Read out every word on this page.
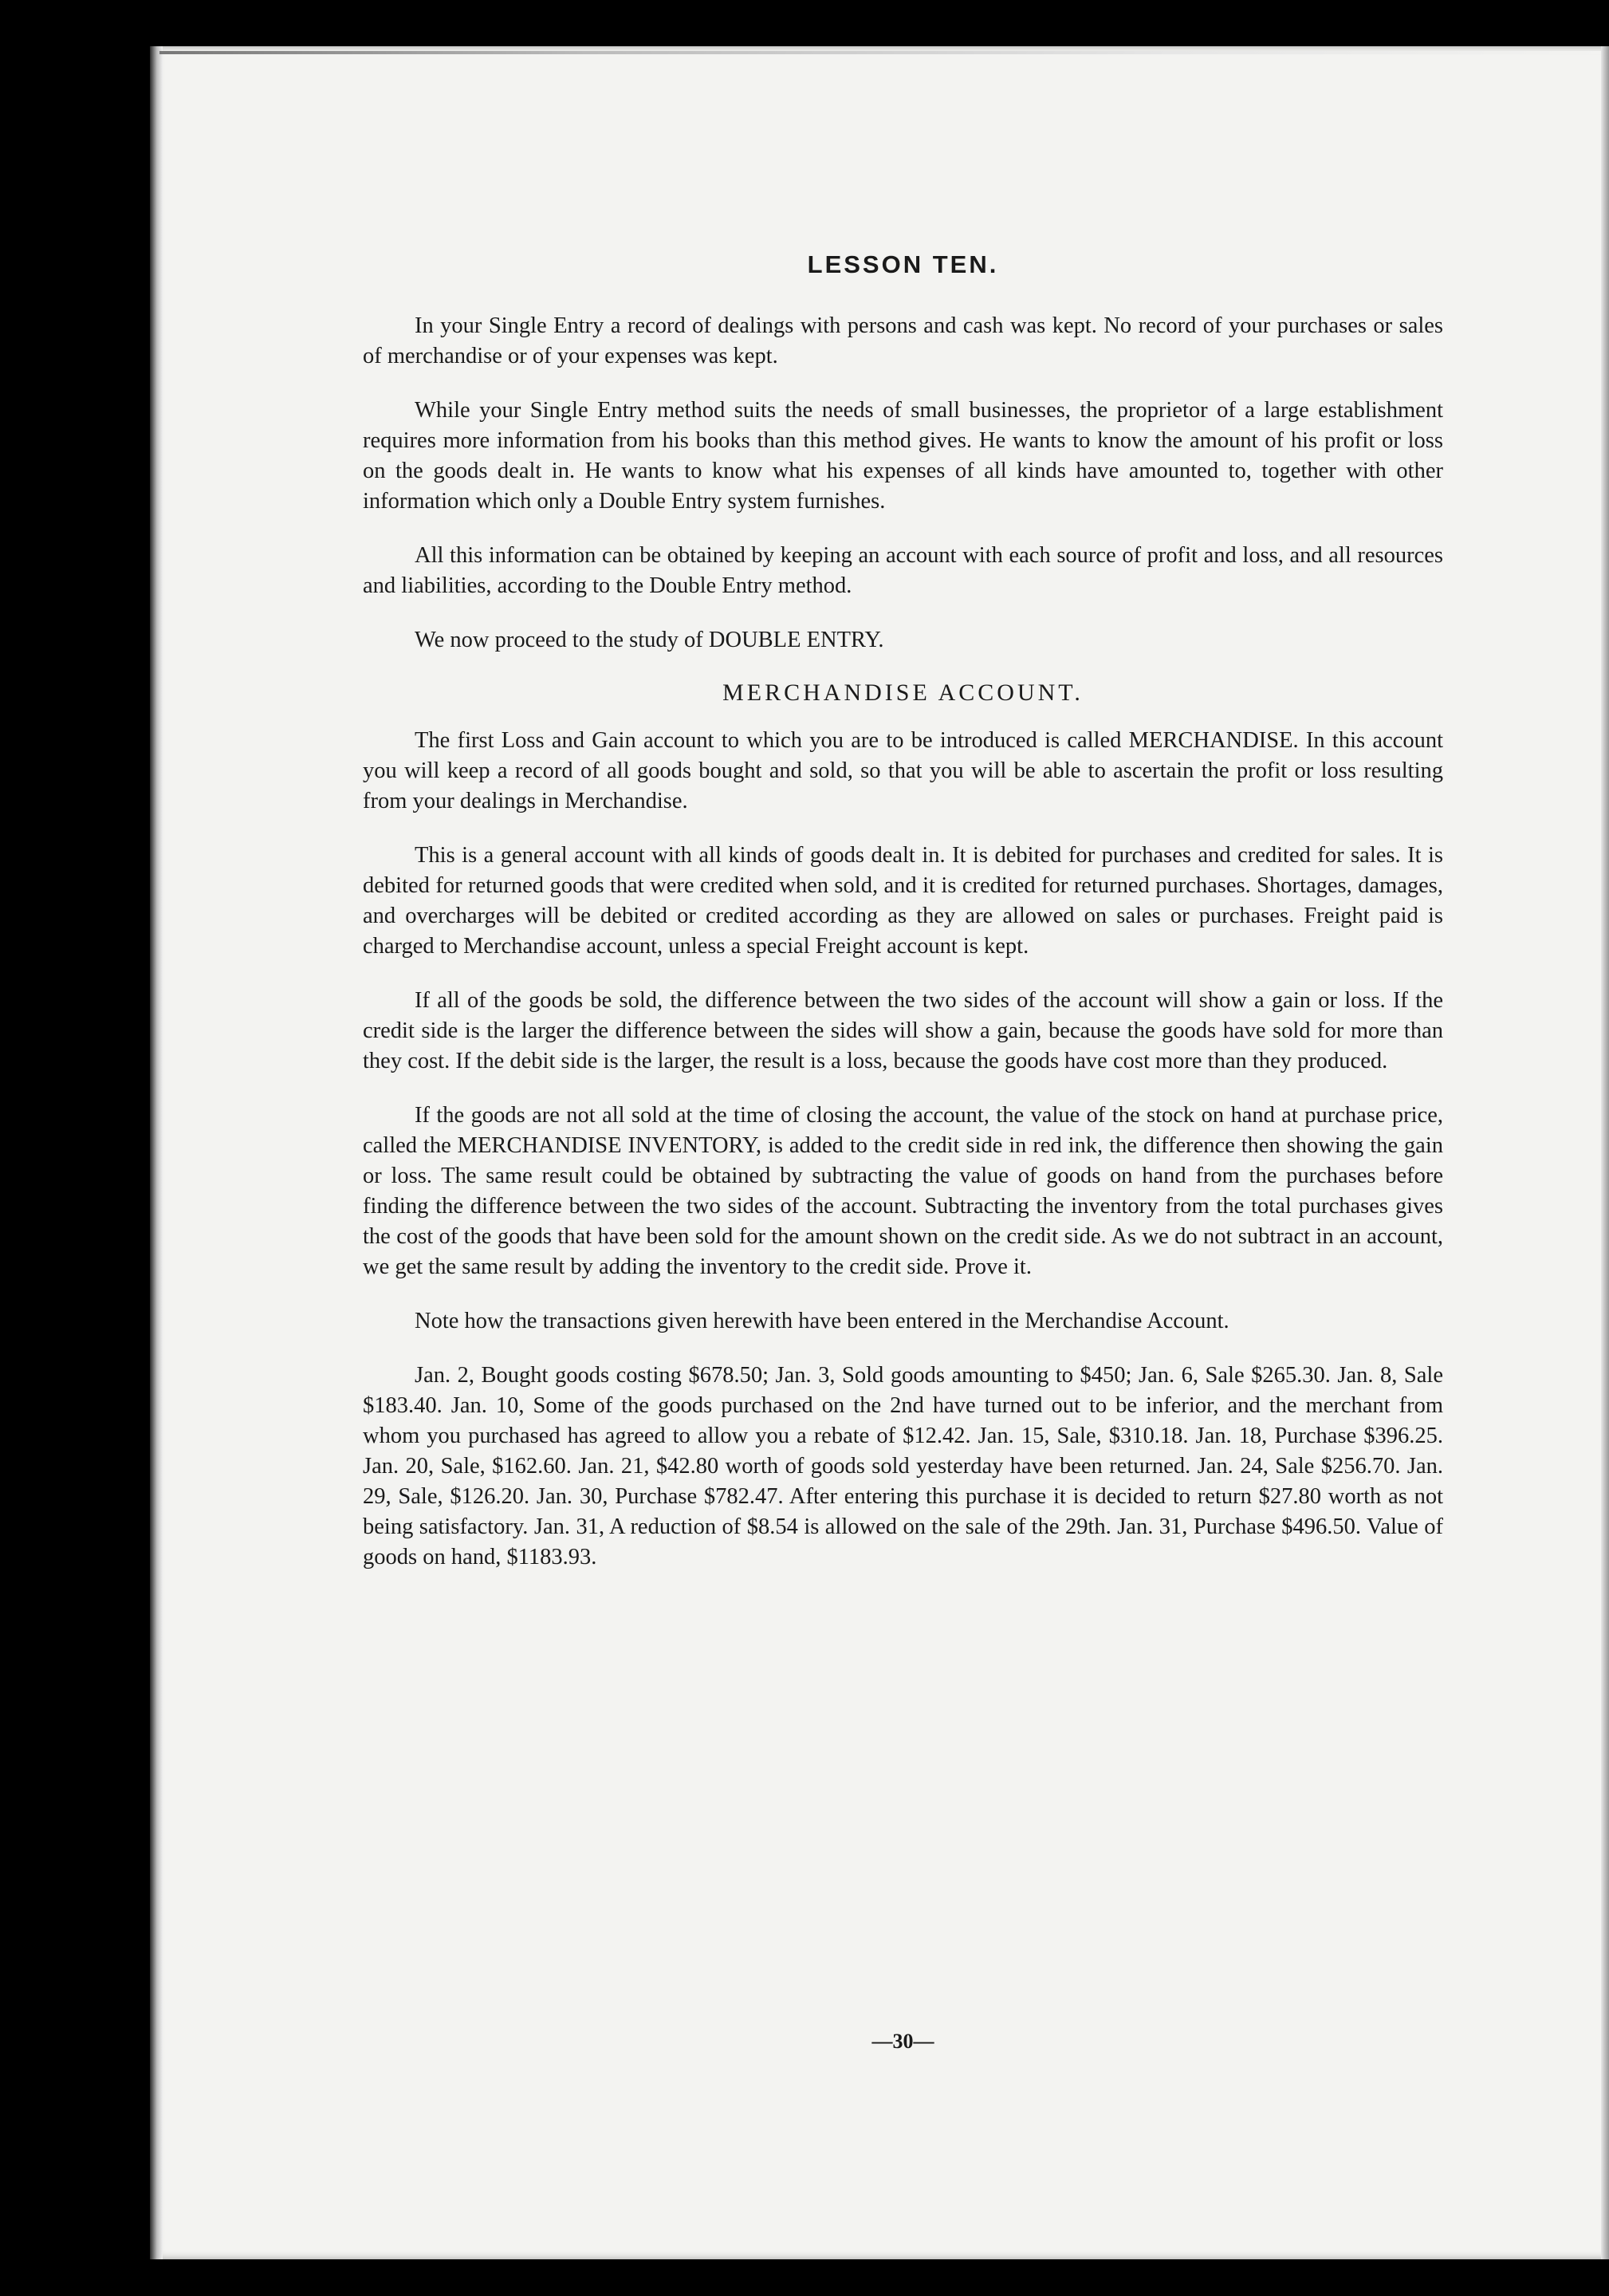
LESSON TEN.

In your Single Entry a record of dealings with persons and cash was kept. No record of your purchases or sales of merchandise or of your expenses was kept.

While your Single Entry method suits the needs of small businesses, the proprietor of a large establishment requires more information from his books than this method gives. He wants to know the amount of his profit or loss on the goods dealt in. He wants to know what his expenses of all kinds have amounted to, together with other information which only a Double Entry system furnishes.

All this information can be obtained by keeping an account with each source of profit and loss, and all resources and liabilities, according to the Double Entry method.

We now proceed to the study of DOUBLE ENTRY.

MERCHANDISE ACCOUNT.

The first Loss and Gain account to which you are to be introduced is called MERCHANDISE. In this account you will keep a record of all goods bought and sold, so that you will be able to ascertain the profit or loss resulting from your dealings in Merchandise.

This is a general account with all kinds of goods dealt in. It is debited for purchases and credited for sales. It is debited for returned goods that were credited when sold, and it is credited for returned purchases. Shortages, damages, and overcharges will be debited or credited according as they are allowed on sales or purchases. Freight paid is charged to Merchandise account, unless a special Freight account is kept.

If all of the goods be sold, the difference between the two sides of the account will show a gain or loss. If the credit side is the larger the difference between the sides will show a gain, because the goods have sold for more than they cost. If the debit side is the larger, the result is a loss, because the goods have cost more than they produced.

If the goods are not all sold at the time of closing the account, the value of the stock on hand at purchase price, called the MERCHANDISE INVENTORY, is added to the credit side in red ink, the difference then showing the gain or loss. The same result could be obtained by subtracting the value of goods on hand from the purchases before finding the difference between the two sides of the account. Subtracting the inventory from the total purchases gives the cost of the goods that have been sold for the amount shown on the credit side. As we do not subtract in an account, we get the same result by adding the inventory to the credit side. Prove it.

Note how the transactions given herewith have been entered in the Merchandise Account.

Jan. 2, Bought goods costing $678.50; Jan. 3, Sold goods amounting to $450; Jan. 6, Sale $265.30. Jan. 8, Sale $183.40. Jan. 10, Some of the goods purchased on the 2nd have turned out to be inferior, and the merchant from whom you purchased has agreed to allow you a rebate of $12.42. Jan. 15, Sale, $310.18. Jan. 18, Purchase $396.25. Jan. 20, Sale, $162.60. Jan. 21, $42.80 worth of goods sold yesterday have been returned. Jan. 24, Sale $256.70. Jan. 29, Sale, $126.20. Jan. 30, Purchase $782.47. After entering this purchase it is decided to return $27.80 worth as not being satisfactory. Jan. 31, A reduction of $8.54 is allowed on the sale of the 29th. Jan. 31, Purchase $496.50. Value of goods on hand, $1183.93.

—30—
